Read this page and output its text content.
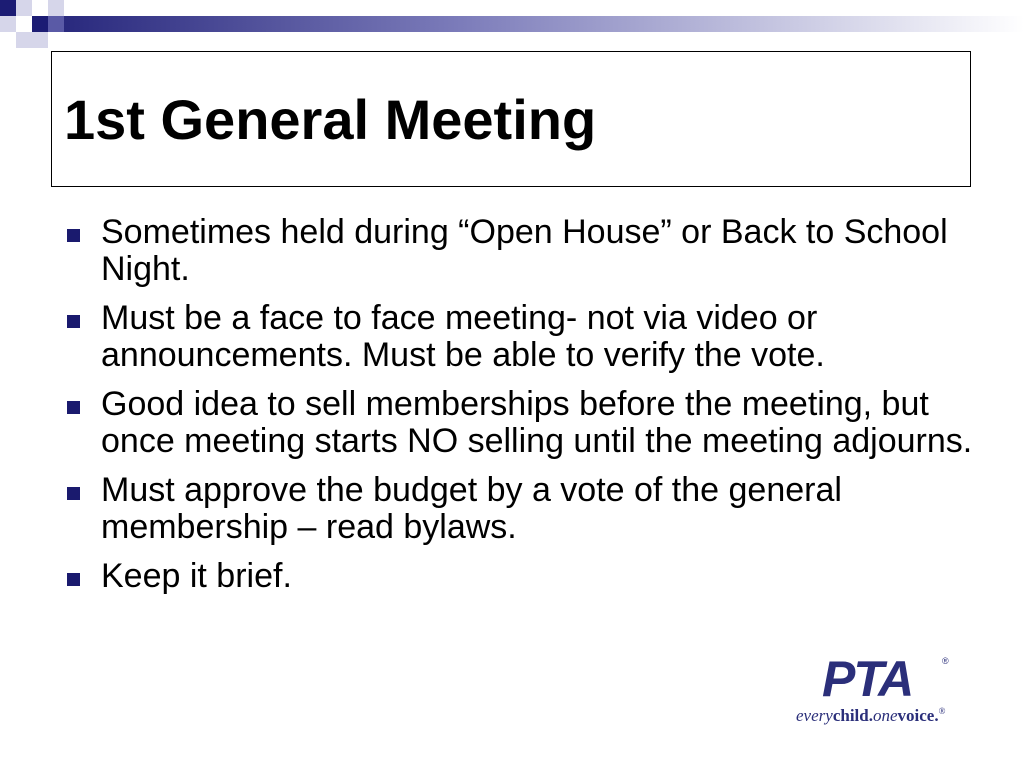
1st General Meeting
Sometimes held during “Open House” or Back to School Night.
Must be a face to face meeting- not via video or announcements. Must be able to verify the vote.
Good idea to sell memberships before the meeting, but once meeting starts NO selling until the meeting adjourns.
Must approve the budget by a vote of the general membership – read bylaws.
Keep it brief.
PTA	®
everychild.onevoice.®
